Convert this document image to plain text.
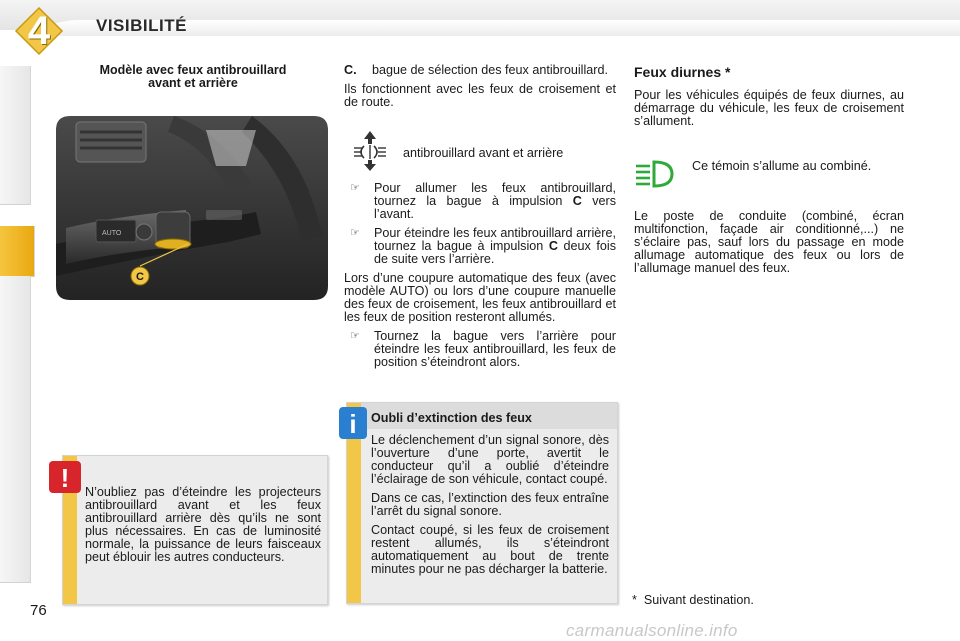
4	VISIBILITÉ
Modèle avec feux antibrouillard
avant et arrière
AUTO
C
N’oubliez pas d’éteindre les projecteurs antibrouillard avant et les feux antibrouillard arrière dès qu’ils ne sont plus nécessaires. En cas de luminosité normale, la puissance de leurs faisceaux peut éblouir les autres conducteurs.
!
C. bague de sélection des feux antibrouillard.

Ils fonctionnent avec les feux de croisement et de route.

antibrouillard avant et arrière
☞ Pour allumer les feux antibrouillard, tournez la bague à impulsion C vers l’avant.
☞ Pour éteindre les feux antibrouillard arrière, tournez la bague à impulsion C deux fois de suite vers l’arrière.

Lors d’une coupure automatique des feux (avec modèle AUTO) ou lors d’une coupure manuelle des feux de croisement, les feux antibrouillard et les feux de position resteront allumés.

☞ Tournez la bague vers l’arrière pour éteindre les feux antibrouillard, les feux de position s’éteindront alors.

Oubli d’extinction des feux

Le déclenchement d’un signal sonore, dès l’ouverture d’une porte, avertit le conducteur qu’il a oublié d’éteindre l’éclairage de son véhicule, contact coupé.

Dans ce cas, l’extinction des feux entraîne l’arrêt du signal sonore.

Contact coupé, si les feux de croisement restent allumés, ils s’éteindront automatiquement au bout de trente minutes pour ne pas décharger la batterie.

i
Feux diurnes *
Pour les véhicules équipés de feux diurnes, au démarrage du véhicule, les feux de croisement s’allument.
Ce témoin s’allume au combiné.
Le poste de conduite (combiné, écran multifonction, façade air conditionné,...) ne s’éclaire pas, sauf lors du passage en mode allumage automatique des feux ou lors de l’allumage manuel des feux.
* Suivant destination.
76
carmanualsonline.info
